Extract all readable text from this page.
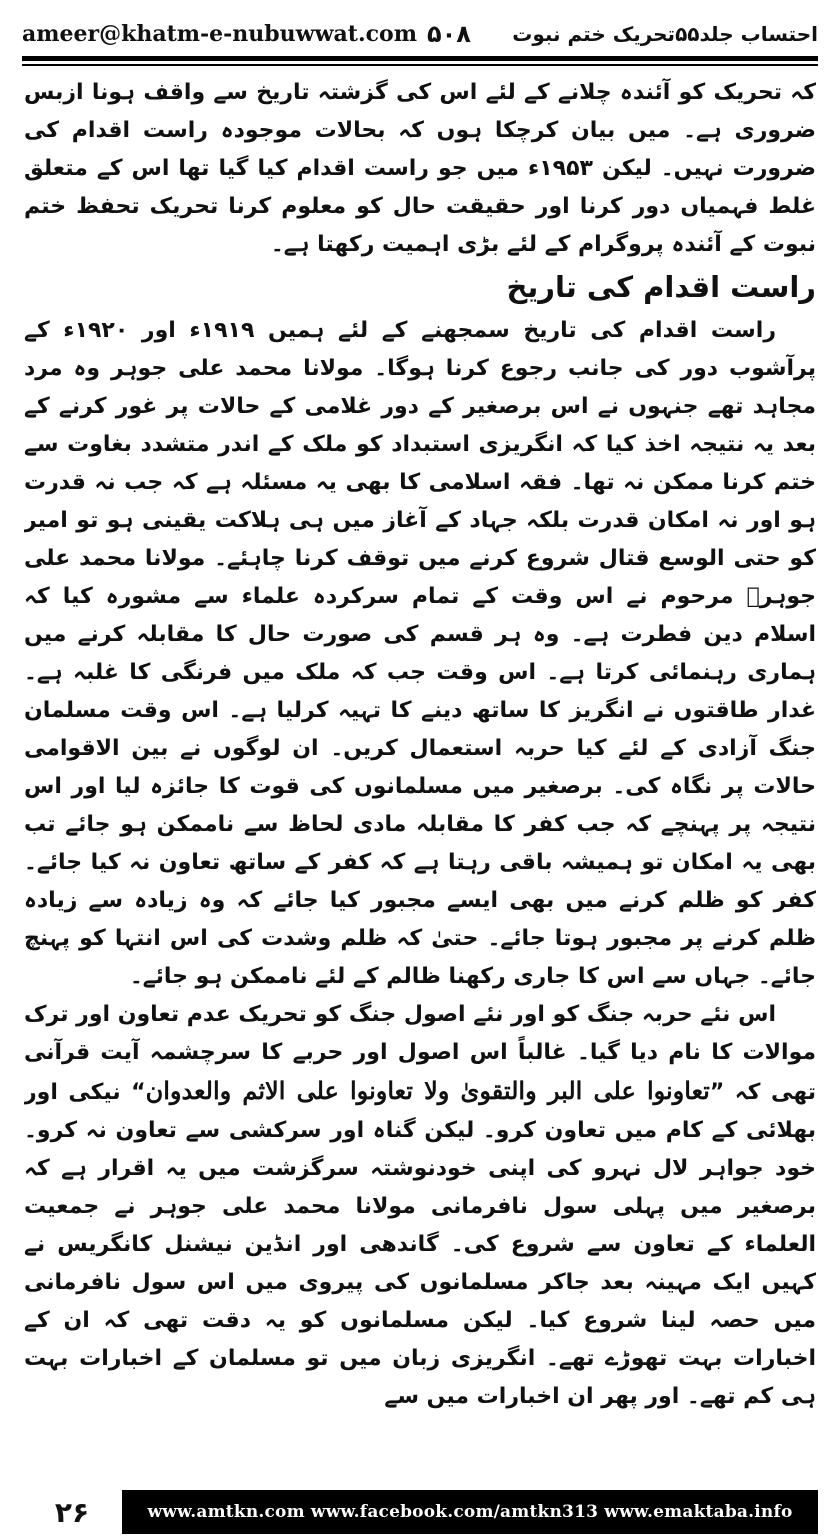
ameer@khatm-e-nubuwwat.com ۵۰۸ احتساب جلد۵۵تحریک ختم نبوت

کہ تحریک کو آئندہ چلانے کے لئے اس کی گزشتہ تاریخ سے واقف ہونا ازبس ضروری ہے۔ میں بیان کرچکا ہوں کہ بحالات موجودہ راست اقدام کی ضرورت نہیں۔ لیکن ۱۹۵۳ء میں جو راست اقدام کیا گیا تھا اس کے متعلق غلط فہمیاں دور کرنا اور حقیقت حال کو معلوم کرنا تحریک تحفظ ختم نبوت کے آئندہ پروگرام کے لئے بڑی اہمیت رکھتا ہے۔

راست اقدام کی تاریخ

راست اقدام کی تاریخ سمجھنے کے لئے ہمیں ۱۹۱۹ء اور ۱۹۲۰ء کے پرآشوب دور کی جانب رجوع کرنا ہوگا۔ مولانا محمد علی جوہر وہ مرد مجاہد تھے جنہوں نے اس برصغیر کے دور غلامی کے حالات پر غور کرنے کے بعد یہ نتیجہ اخذ کیا کہ انگریزی استبداد کو ملک کے اندر متشدد بغاوت سے ختم کرنا ممکن نہ تھا۔ فقہ اسلامی کا بھی یہ مسئلہ ہے کہ جب نہ قدرت ہو اور نہ امکان قدرت بلکہ جہاد کے آغاز میں ہی ہلاکت یقینی ہو تو امیر کو حتی الوسع قتال شروع کرنے میں توقف کرنا چاہئے۔ مولانا محمد علی جوہرؒ مرحوم نے اس وقت کے تمام سرکردہ علماء سے مشورہ کیا کہ اسلام دین فطرت ہے۔ وہ ہر قسم کی صورت حال کا مقابلہ کرنے میں ہماری رہنمائی کرتا ہے۔ اس وقت جب کہ ملک میں فرنگی کا غلبہ ہے۔ غدار طاقتوں نے انگریز کا ساتھ دینے کا تہیہ کرلیا ہے۔ اس وقت مسلمان جنگ آزادی کے لئے کیا حربہ استعمال کریں۔ ان لوگوں نے بین الاقوامی حالات پر نگاہ کی۔ برصغیر میں مسلمانوں کی قوت کا جائزہ لیا اور اس نتیجہ پر پہنچے کہ جب کفر کا مقابلہ مادی لحاظ سے ناممکن ہو جائے تب بھی یہ امکان تو ہمیشہ باقی رہتا ہے کہ کفر کے ساتھ تعاون نہ کیا جائے۔ کفر کو ظلم کرنے میں بھی ایسے مجبور کیا جائے کہ وہ زیادہ سے زیادہ ظلم کرنے پر مجبور ہوتا جائے۔ حتیٰ کہ ظلم وشدت کی اس انتہا کو پہنچ جائے۔ جہاں سے اس کا جاری رکھنا ظالم کے لئے ناممکن ہو جائے۔

اس نئے حربہ جنگ کو اور نئے اصول جنگ کو تحریک عدم تعاون اور ترک موالات کا نام دیا گیا۔ غالباً اس اصول اور حربے کا سرچشمہ آیت قرآنی تھی کہ ”تعاونوا علی البر والتقویٰ ولا تعاونوا علی الاثم والعدوان“ نیکی اور بھلائی کے کام میں تعاون کرو۔ لیکن گناہ اور سرکشی سے تعاون نہ کرو۔ خود جواہر لال نہرو کی اپنی خودنوشتہ سرگزشت میں یہ اقرار ہے کہ برصغیر میں پہلی سول نافرمانی مولانا محمد علی جوہر نے جمعیت العلماء کے تعاون سے شروع کی۔ گاندھی اور انڈین نیشنل کانگریس نے کہیں ایک مہینہ بعد جاکر مسلمانوں کی پیروی میں اس سول نافرمانی میں حصہ لینا شروع کیا۔ لیکن مسلمانوں کو یہ دقت تھی کہ ان کے اخبارات بہت تھوڑے تھے۔ انگریزی زبان میں تو مسلمان کے اخبارات بہت ہی کم تھے۔ اور پھر ان اخبارات میں سے

۲۶	www.amtkn.com www.facebook.com/amtkn313 www.emaktaba.info
